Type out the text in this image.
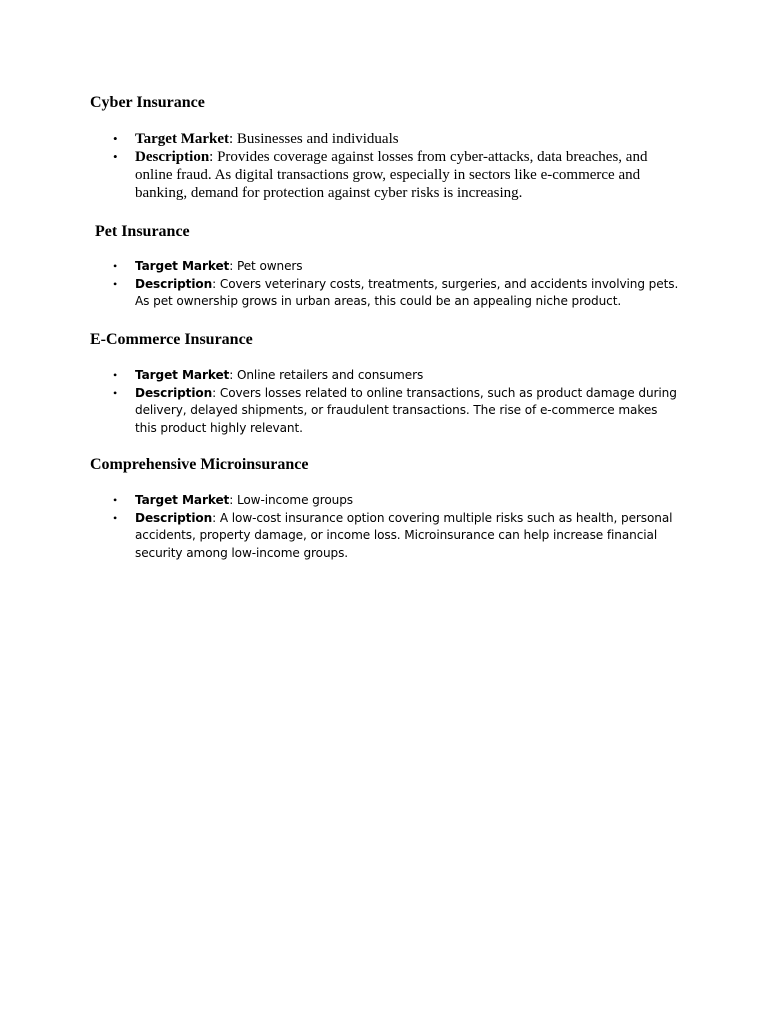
Cyber Insurance
• Target Market: Businesses and individuals
• Description: Provides coverage against losses from cyber-attacks, data breaches, and online fraud. As digital transactions grow, especially in sectors like e-commerce and banking, demand for protection against cyber risks is increasing.
Pet Insurance
• Target Market: Pet owners
• Description: Covers veterinary costs, treatments, surgeries, and accidents involving pets. As pet ownership grows in urban areas, this could be an appealing niche product.
E-Commerce Insurance
• Target Market: Online retailers and consumers
• Description: Covers losses related to online transactions, such as product damage during delivery, delayed shipments, or fraudulent transactions. The rise of e-commerce makes this product highly relevant.
Comprehensive Microinsurance
• Target Market: Low-income groups
• Description: A low-cost insurance option covering multiple risks such as health, personal accidents, property damage, or income loss. Microinsurance can help increase financial security among low-income groups.
